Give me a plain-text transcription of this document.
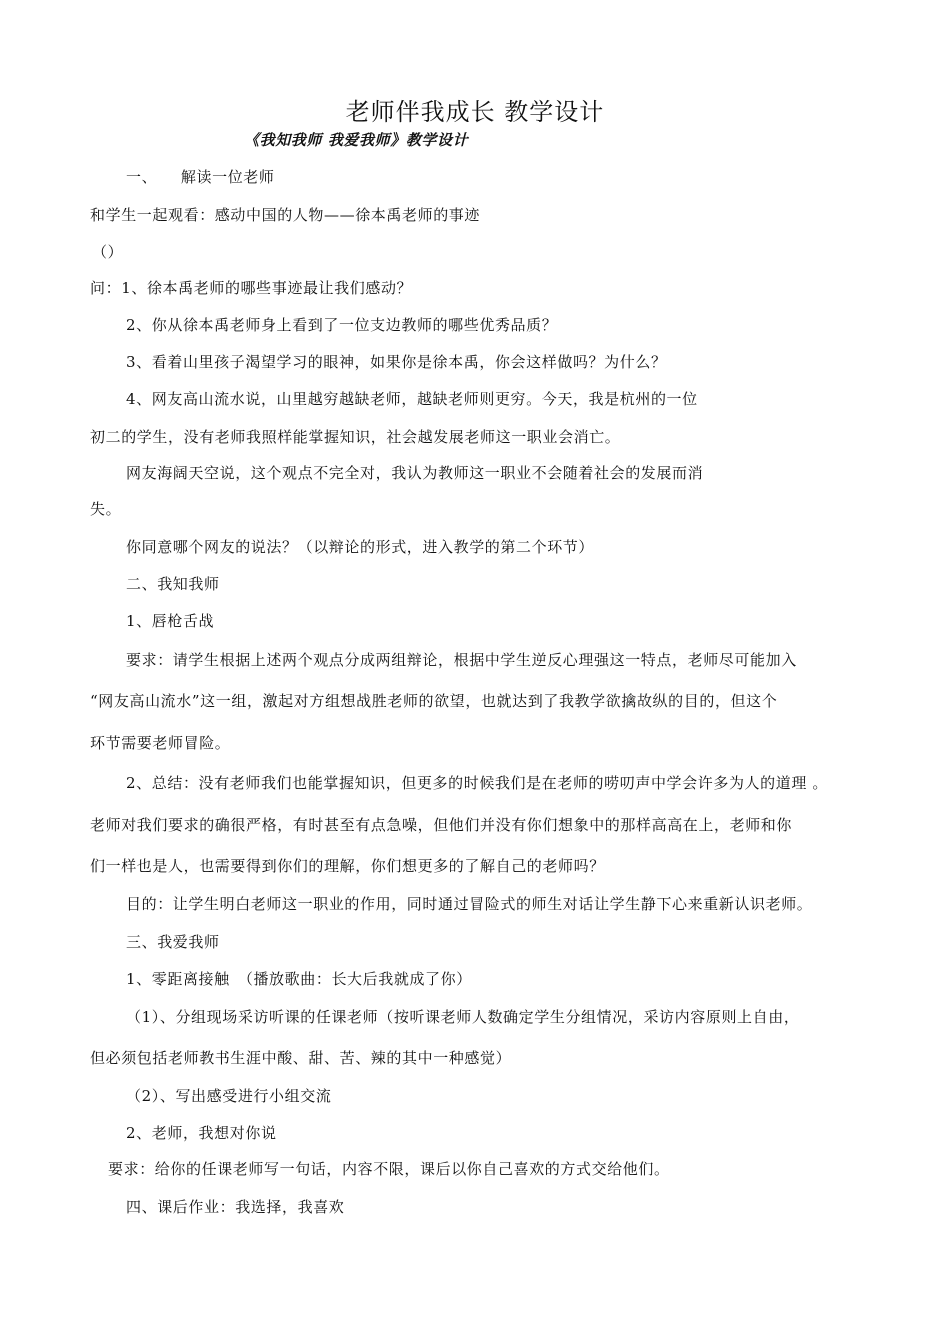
老师伴我成长 教学设计
《我知我师 我爱我师》教学设计
一、　　解读一位老师
和学生一起观看：感动中国的人物——徐本禹老师的事迹
（）
问：1、徐本禹老师的哪些事迹最让我们感动？
2、你从徐本禹老师身上看到了一位支边教师的哪些优秀品质？
3、看着山里孩子渴望学习的眼神，如果你是徐本禹，你会这样做吗？为什么？
4、网友高山流水说，山里越穷越缺老师，越缺老师则更穷。今天，我是杭州的一位
初二的学生，没有老师我照样能掌握知识，社会越发展老师这一职业会消亡。
网友海阔天空说，这个观点不完全对，我认为教师这一职业不会随着社会的发展而消
失。
你同意哪个网友的说法？（以辩论的形式，进入教学的第二个环节）
二、我知我师
1、唇枪舌战
要求：请学生根据上述两个观点分成两组辩论，根据中学生逆反心理强这一特点，老师尽可能加入
“网友高山流水”这一组，激起对方组想战胜老师的欲望，也就达到了我教学欲擒故纵的目的，但这个
环节需要老师冒险。
2、总结：没有老师我们也能掌握知识，但更多的时候我们是在老师的唠叨声中学会许多为人的道理 。
老师对我们要求的确很严格，有时甚至有点急噪，但他们并没有你们想象中的那样高高在上，老师和你
们一样也是人，也需要得到你们的理解，你们想更多的了解自己的老师吗？
目的：让学生明白老师这一职业的作用，同时通过冒险式的师生对话让学生静下心来重新认识老师。
三、我爱我师
1、零距离接触　（播放歌曲：长大后我就成了你）
（1）、分组现场采访听课的任课老师（按听课老师人数确定学生分组情况，采访内容原则上自由，
但必须包括老师教书生涯中酸、甜、苦、辣的其中一种感觉）
（2）、写出感受进行小组交流
2、老师，我想对你说
要求：给你的任课老师写一句话，内容不限，课后以你自己喜欢的方式交给他们。
四、课后作业：我选择，我喜欢
